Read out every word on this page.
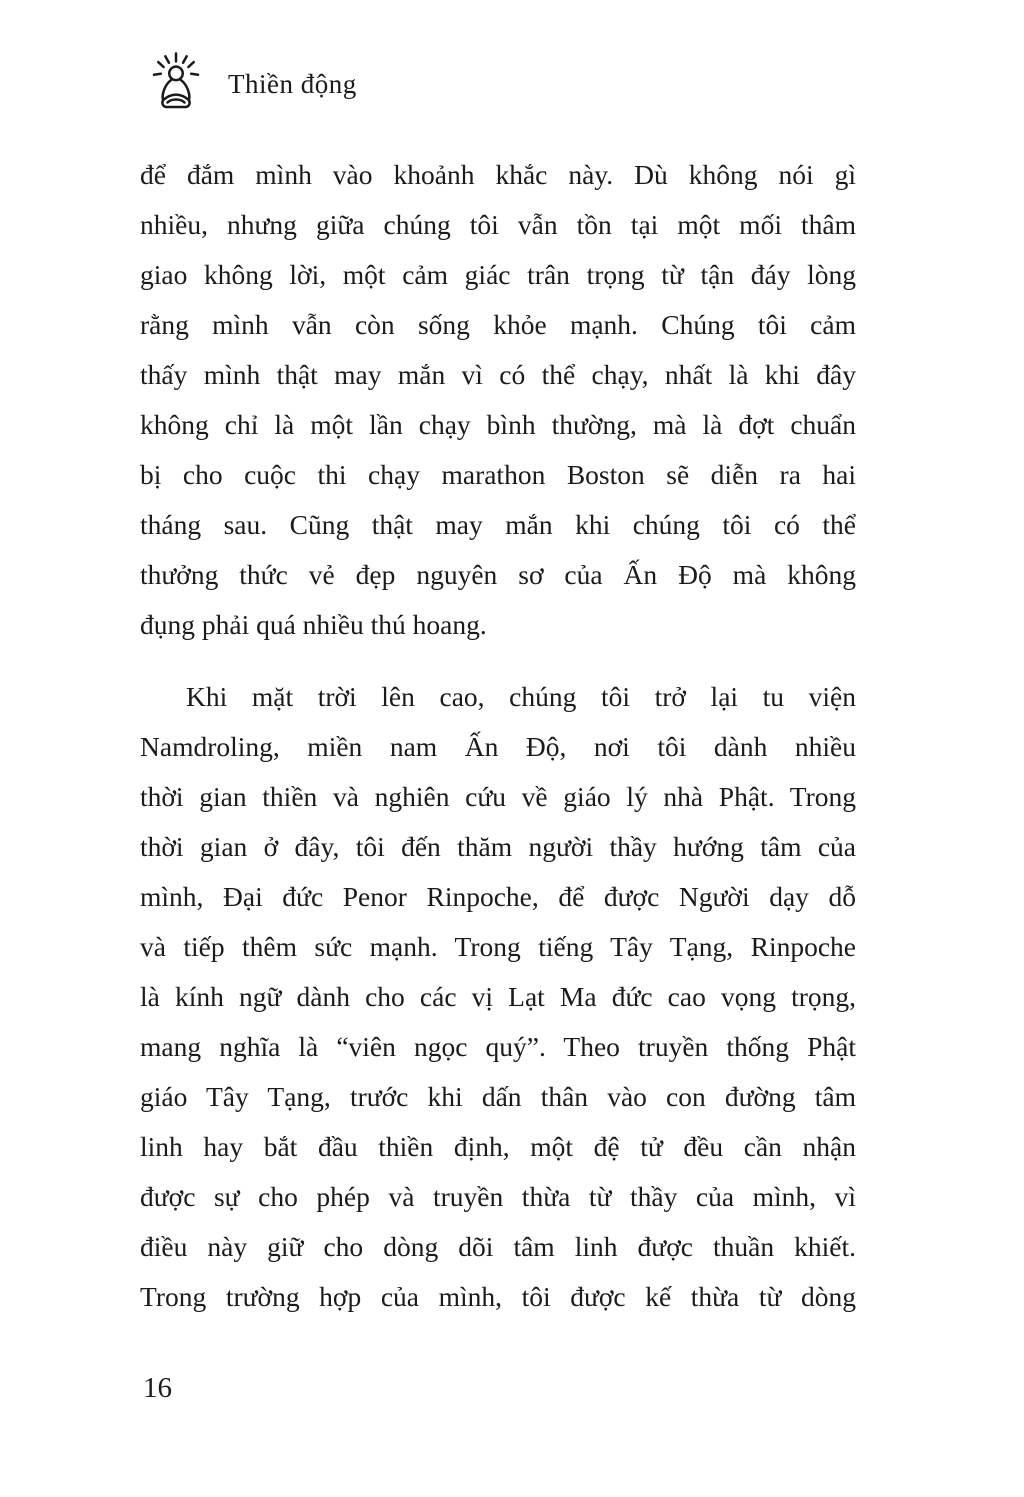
Thiền động
để đắm mình vào khoảnh khắc này. Dù không nói gì
nhiều, nhưng giữa chúng tôi vẫn tồn tại một mối thâm
giao không lời, một cảm giác trân trọng từ tận đáy lòng
rằng mình vẫn còn sống khỏe mạnh. Chúng tôi cảm
thấy mình thật may mắn vì có thể chạy, nhất là khi đây
không chỉ là một lần chạy bình thường, mà là đợt chuẩn
bị cho cuộc thi chạy marathon Boston sẽ diễn ra hai
tháng sau. Cũng thật may mắn khi chúng tôi có thể
thưởng thức vẻ đẹp nguyên sơ của Ấn Độ mà không
đụng phải quá nhiều thú hoang.
Khi mặt trời lên cao, chúng tôi trở lại tu viện
Namdroling, miền nam Ấn Độ, nơi tôi dành nhiều
thời gian thiền và nghiên cứu về giáo lý nhà Phật. Trong
thời gian ở đây, tôi đến thăm người thầy hướng tâm của
mình, Đại đức Penor Rinpoche, để được Người dạy dỗ
và tiếp thêm sức mạnh. Trong tiếng Tây Tạng, Rinpoche
là kính ngữ dành cho các vị Lạt Ma đức cao vọng trọng,
mang nghĩa là “viên ngọc quý”. Theo truyền thống Phật
giáo Tây Tạng, trước khi dấn thân vào con đường tâm
linh hay bắt đầu thiền định, một đệ tử đều cần nhận
được sự cho phép và truyền thừa từ thầy của mình, vì
điều này giữ cho dòng dõi tâm linh được thuần khiết.
Trong trường hợp của mình, tôi được kế thừa từ dòng
16
